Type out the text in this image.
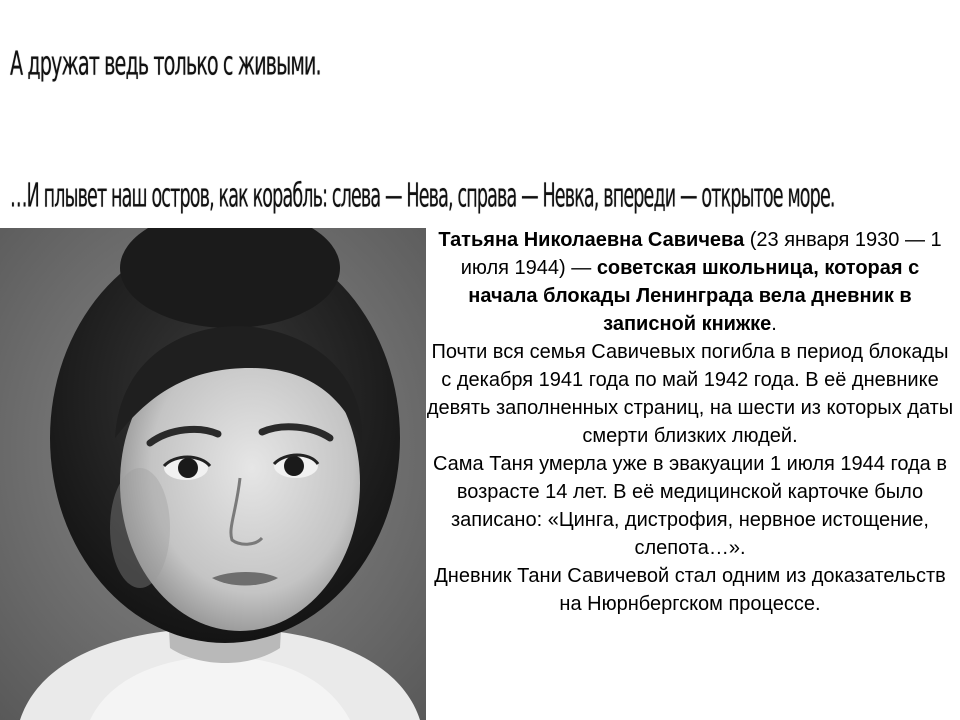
А дружат ведь только с живыми.

…И плывет наш остров, как корабль: слева — Нева, справа — Невка, впереди — открытое море.

Татьяна Николаевна Савичева (23 января 1930 — 1 июля 1944) — советская школьница, которая с начала блокады Ленинграда вела дневник в записной книжке.

Почти вся семья Савичевых погибла в период блокады с декабря 1941 года по май 1942 года. В её дневнике девять заполненных страниц, на шести из которых даты смерти близких людей.

Сама Таня умерла уже в эвакуации 1 июля 1944 года в возрасте 14 лет. В её медицинской карточке было записано: «Цинга, дистрофия, нервное истощение, слепота…».

Дневник Тани Савичевой стал одним из доказательств на Нюрнбергском процессе.
